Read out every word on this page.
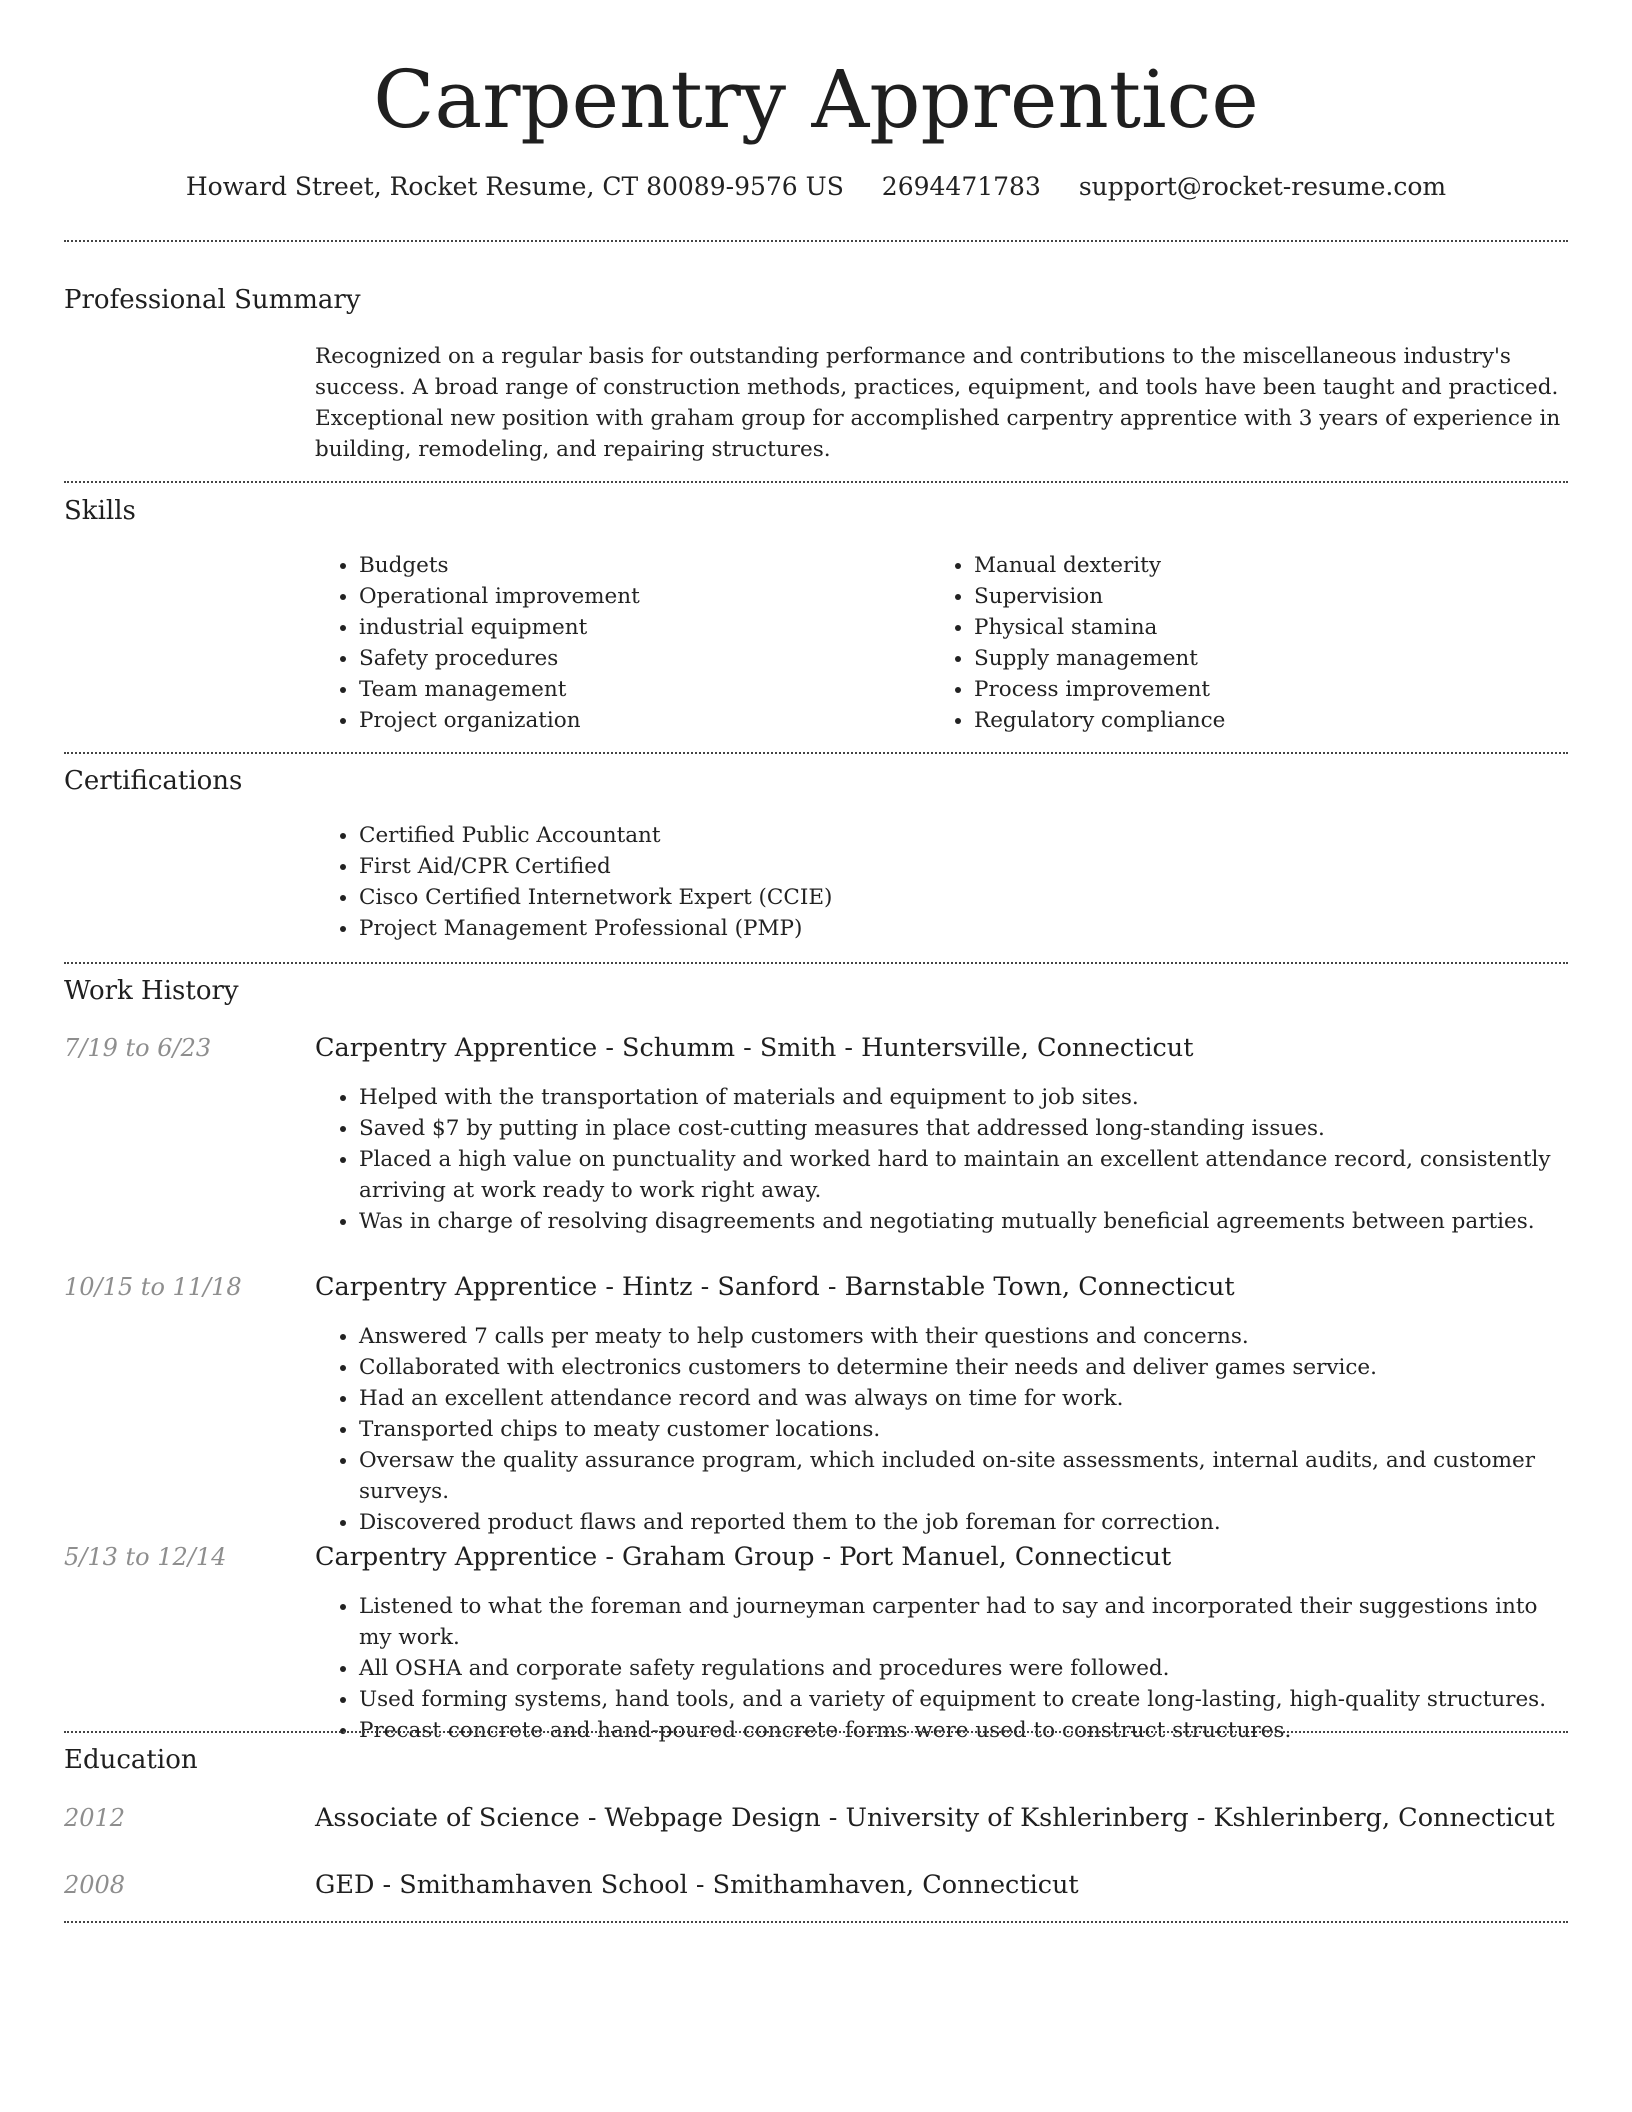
Carpentry Apprentice
Howard Street, Rocket Resume, CT 80089-9576 US 2694471783 support@rocket-resume.com
Professional Summary

Recognized on a regular basis for outstanding performance and contributions to the miscellaneous industry's success. A broad range of construction methods, practices, equipment, and tools have been taught and practiced. Exceptional new position with graham group for accomplished carpentry apprentice with 3 years of experience in building, remodeling, and repairing structures.

Skills
• Budgets
• Operational improvement
• industrial equipment
• Safety procedures
• Team management
• Project organization
• Manual dexterity
• Supervision
• Physical stamina
• Supply management
• Process improvement
• Regulatory compliance
Certifications
• Certified Public Accountant
• First Aid/CPR Certified
• Cisco Certified Internetwork Expert (CCIE)
• Project Management Professional (PMP)
Work History
7/19 to 6/23	Carpentry Apprentice - Schumm - Smith - Huntersville, Connecticut
• Helped with the transportation of materials and equipment to job sites.
• Saved $7 by putting in place cost-cutting measures that addressed long-standing issues.
• Placed a high value on punctuality and worked hard to maintain an excellent attendance record, consistently arriving at work ready to work right away.
• Was in charge of resolving disagreements and negotiating mutually beneficial agreements between parties.
10/15 to 11/18	Carpentry Apprentice - Hintz - Sanford - Barnstable Town, Connecticut
• Answered 7 calls per meaty to help customers with their questions and concerns.
• Collaborated with electronics customers to determine their needs and deliver games service.
• Had an excellent attendance record and was always on time for work.
• Transported chips to meaty customer locations.
• Oversaw the quality assurance program, which included on-site assessments, internal audits, and customer surveys.
• Discovered product flaws and reported them to the job foreman for correction.
5/13 to 12/14	Carpentry Apprentice - Graham Group - Port Manuel, Connecticut
• Listened to what the foreman and journeyman carpenter had to say and incorporated their suggestions into my work.
• All OSHA and corporate safety regulations and procedures were followed.
• Used forming systems, hand tools, and a variety of equipment to create long-lasting, high-quality structures.
• Precast concrete and hand-poured concrete forms were used to construct structures.
Education
2012	Associate of Science - Webpage Design - University of Kshlerinberg - Kshlerinberg, Connecticut
2008	GED - Smithamhaven School - Smithamhaven, Connecticut
